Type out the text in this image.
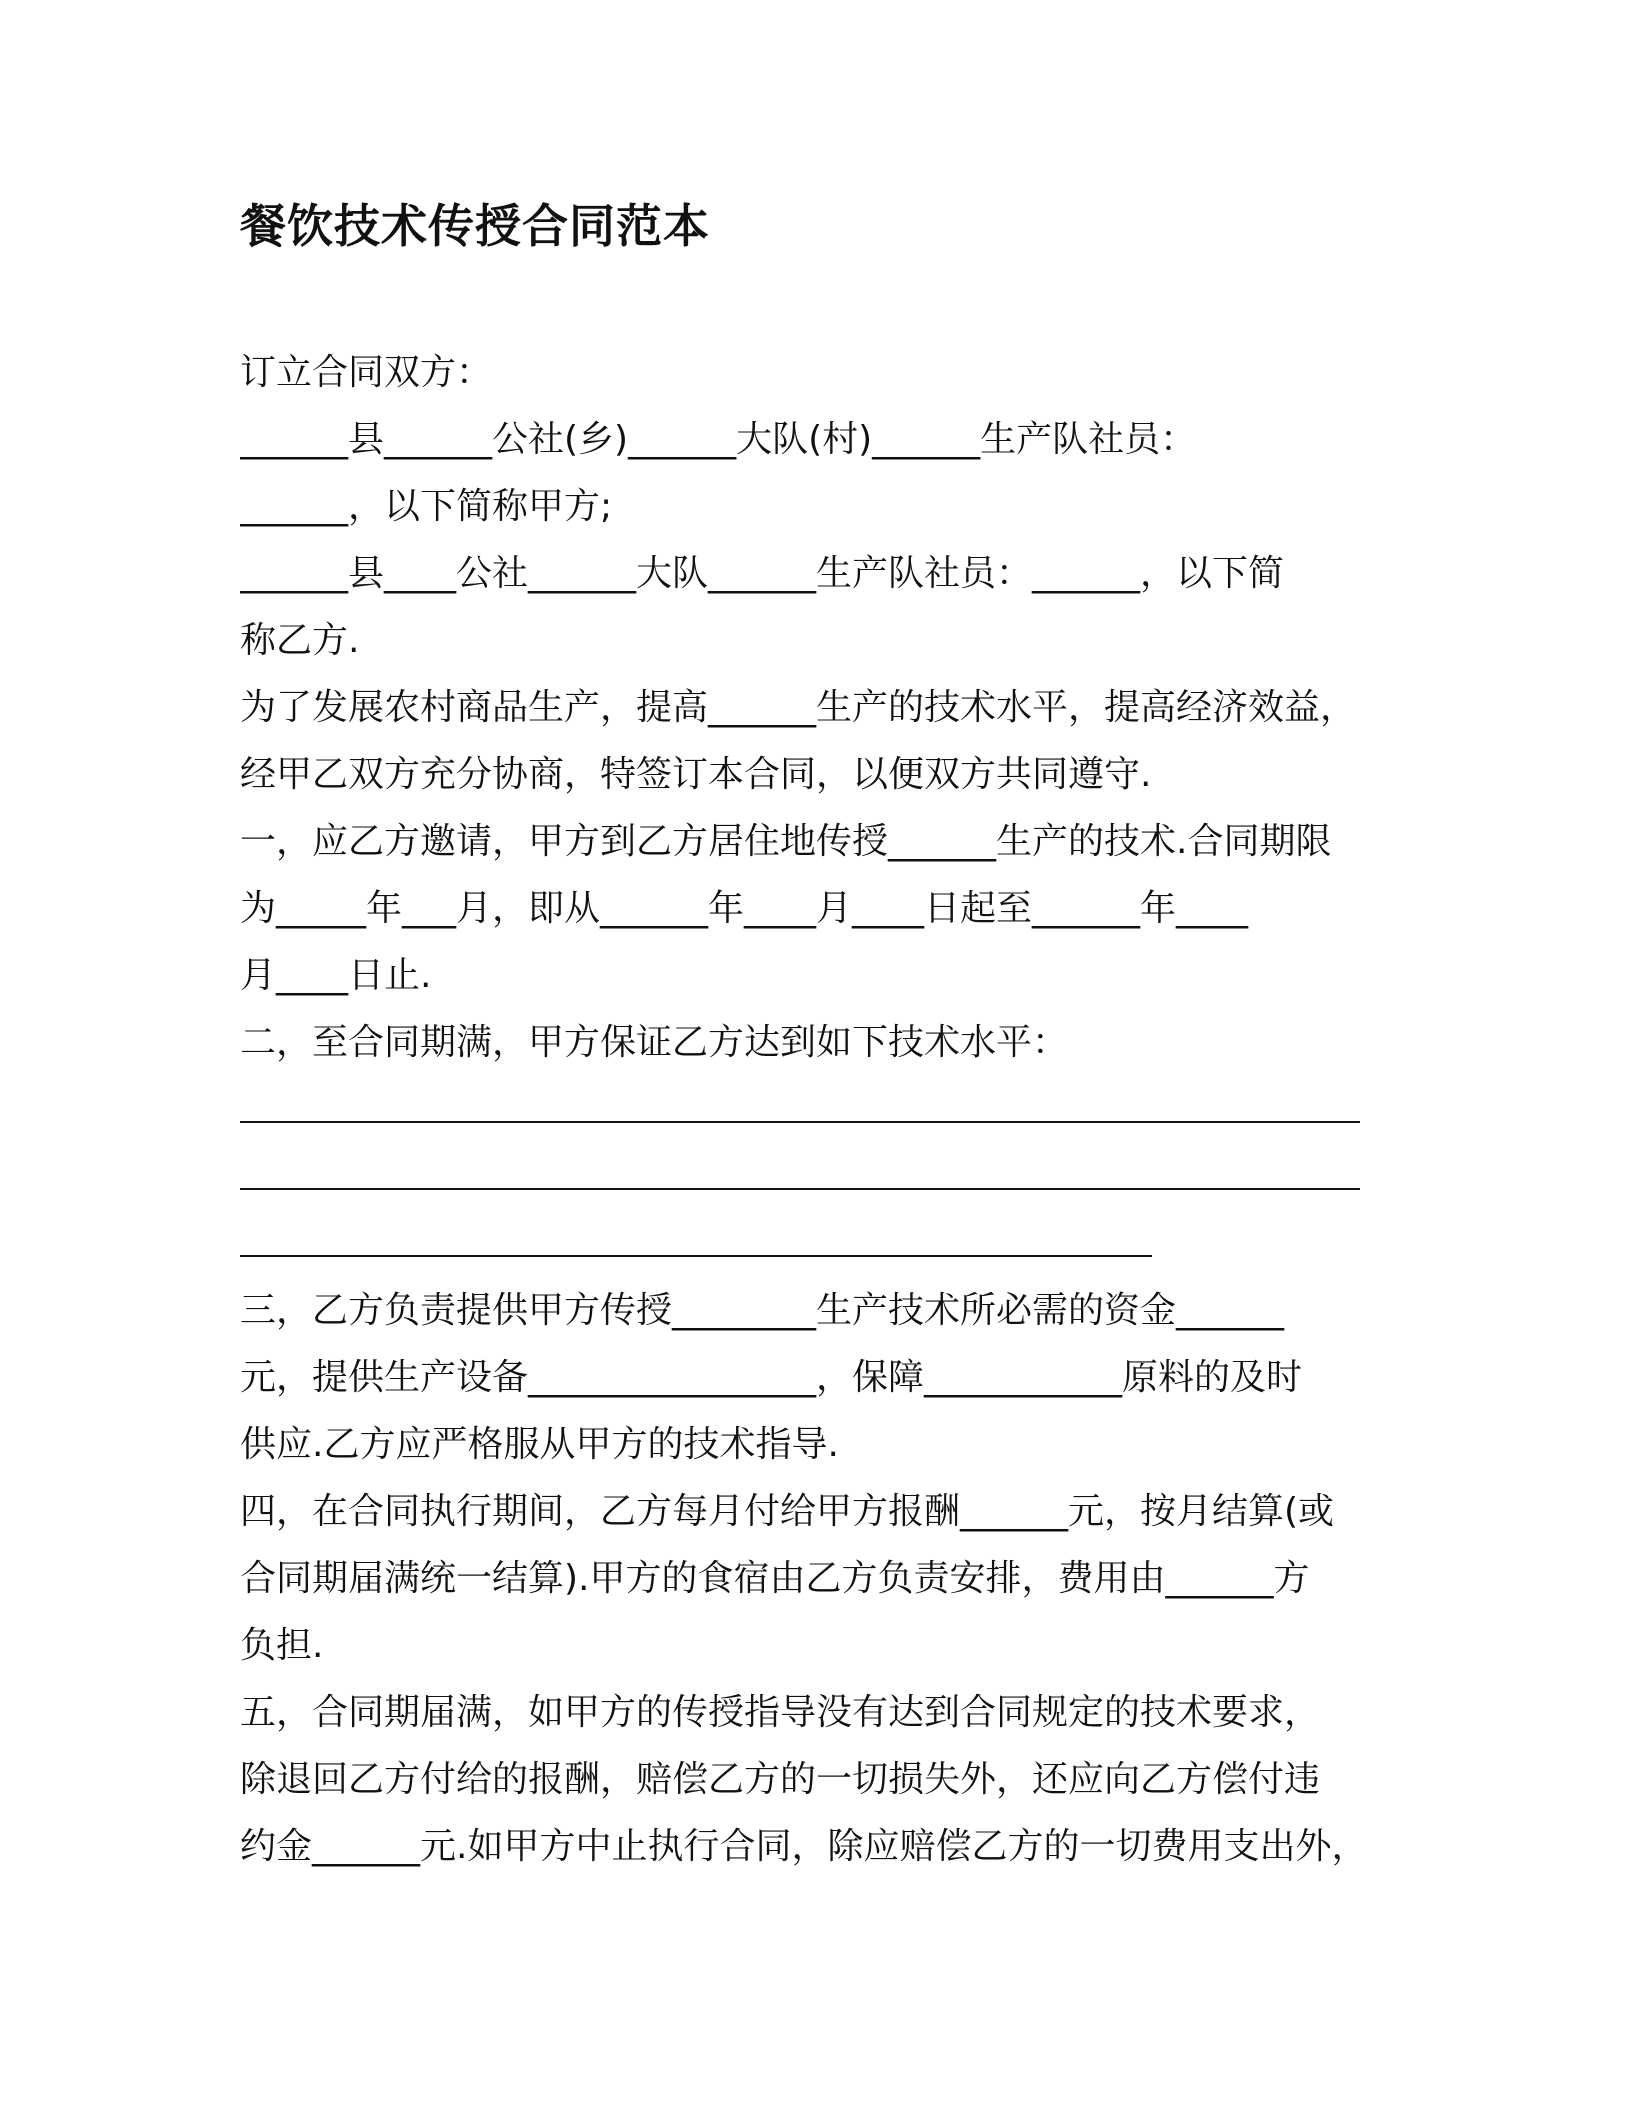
餐饮技术传授合同范本
订立合同双方：
______县______公社(乡)______大队(村)______生产队社员：
______，以下简称甲方;
______县____公社______大队______生产队社员：______，以下简
称乙方.
为了发展农村商品生产，提高______生产的技术水平，提高经济效益，
经甲乙双方充分协商，特签订本合同，以便双方共同遵守.
一，应乙方邀请，甲方到乙方居住地传授______生产的技术.合同期限
为_____年___月，即从______年____月____日起至______年____
月____日止.
二，至合同期满，甲方保证乙方达到如下技术水平：
三，乙方负责提供甲方传授________生产技术所必需的资金______
元，提供生产设备________________，保障___________原料的及时
供应.乙方应严格服从甲方的技术指导.
四，在合同执行期间，乙方每月付给甲方报酬______元，按月结算(或
合同期届满统一结算).甲方的食宿由乙方负责安排，费用由______方
负担.
五，合同期届满，如甲方的传授指导没有达到合同规定的技术要求，
除退回乙方付给的报酬，赔偿乙方的一切损失外，还应向乙方偿付违
约金______元.如甲方中止执行合同，除应赔偿乙方的一切费用支出外，
